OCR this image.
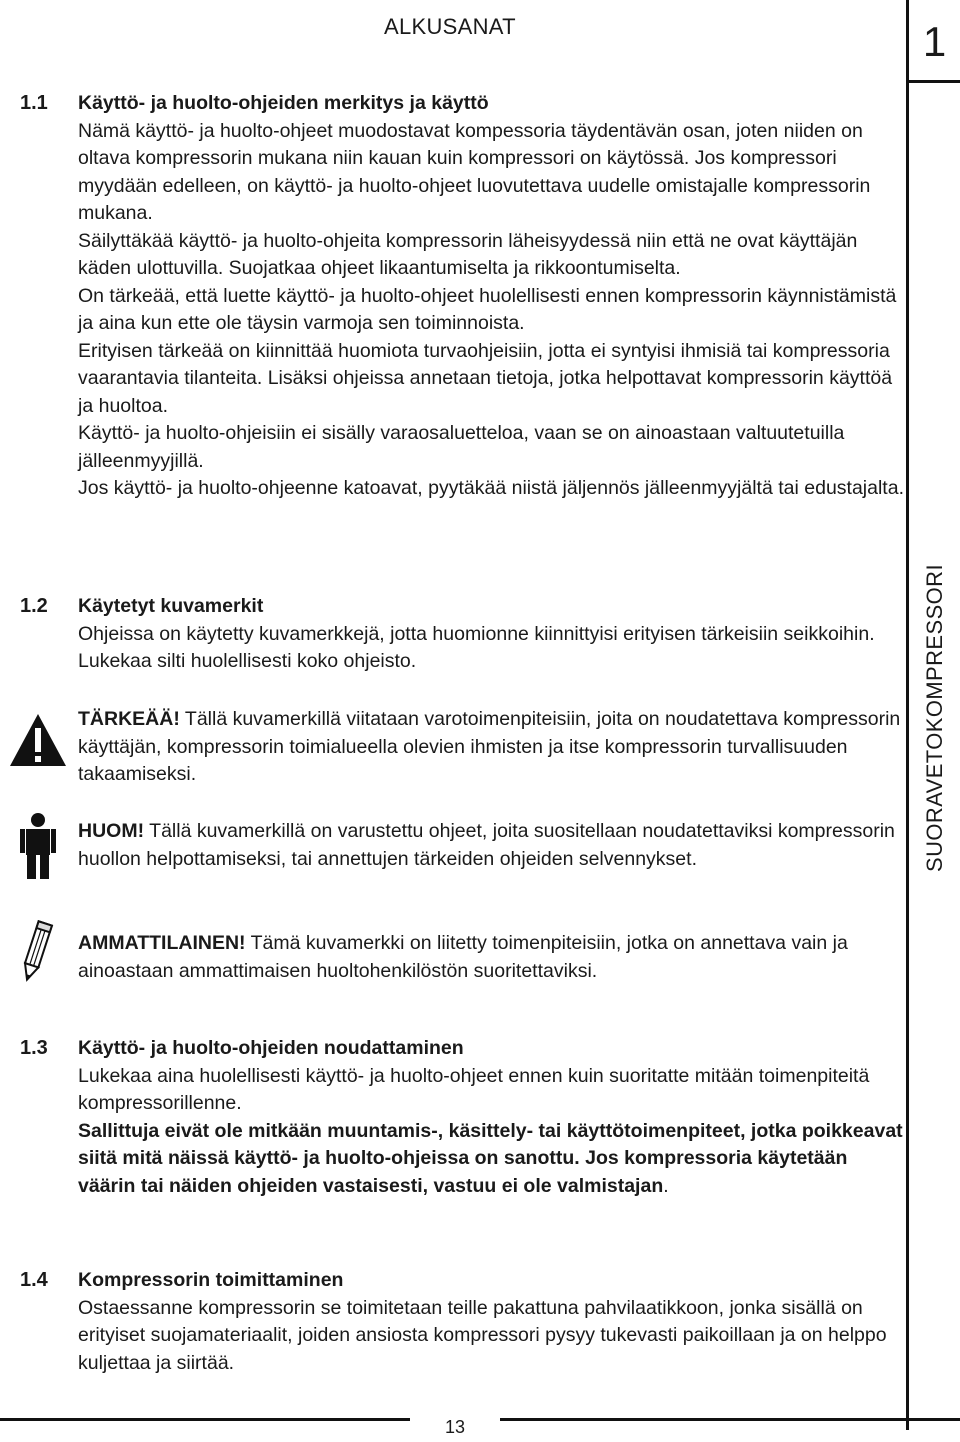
ALKUSANAT	1
SUORAVETOKOMPRESSORI
13
1.1 Käyttö- ja huolto-ohjeiden merkitys ja käyttö

Nämä käyttö- ja huolto-ohjeet muodostavat kompessoria täydentävän osan, joten niiden on oltava kompressorin mukana niin kauan kuin kompressori on käytössä. Jos kompressori myydään edelleen, on käyttö- ja huolto-ohjeet luovutettava uudelle omistajalle kompressorin mukana.

Säilyttäkää käyttö- ja huolto-ohjeita kompressorin läheisyydessä niin että ne ovat käyttäjän käden ulottuvilla. Suojatkaa ohjeet likaantumiselta ja rikkoontumiselta.

On tärkeää, että luette käyttö- ja huolto-ohjeet huolellisesti ennen kompressorin käynnistämistä ja aina kun ette ole täysin varmoja sen toiminnoista.

Erityisen tärkeää on kiinnittää huomiota turvaohjeisiin, jotta ei syntyisi ihmisiä tai kompressoria vaarantavia tilanteita. Lisäksi ohjeissa annetaan tietoja, jotka helpottavat kompressorin käyttöä ja huoltoa.

Käyttö- ja huolto-ohjeisiin ei sisälly varaosaluetteloa, vaan se on ainoastaan valtuutetuilla jälleenmyyjillä.

Jos käyttö- ja huolto-ohjeenne katoavat, pyytäkää niistä jäljennös jälleenmyyjältä tai edustajalta.

1.2 Käytetyt kuvamerkit

Ohjeissa on käytetty kuvamerkkejä, jotta huomionne kiinnittyisi erityisen tärkeisiin seikkoihin. Lukekaa silti huolellisesti koko ohjeisto.

TÄRKEÄÄ! Tällä kuvamerkillä viitataan varotoimenpiteisiin, joita on noudatettava kompressorin käyttäjän, kompressorin toimialueella olevien ihmisten ja itse kompressorin turvallisuuden takaamiseksi.
HUOM! Tällä kuvamerkillä on varustettu ohjeet, joita suositellaan noudatettaviksi kompressorin huollon helpottamiseksi, tai annettujen tärkeiden ohjeiden selvennykset.
AMMATTILAINEN! Tämä kuvamerkki on liitetty toimenpiteisiin, jotka on annettava vain ja ainoastaan ammattimaisen huoltohenkilöstön suoritettaviksi.
1.3 Käyttö- ja huolto-ohjeiden noudattaminen

Lukekaa aina huolellisesti käyttö- ja huolto-ohjeet ennen kuin suoritatte mitään toimenpiteitä kompressorillenne.

Sallittuja eivät ole mitkään muuntamis-, käsittely- tai käyttötoimenpiteet, jotka poikkeavat siitä mitä näissä käyttö- ja huolto-ohjeissa on sanottu. Jos kompressoria käytetään väärin tai näiden ohjeiden vastaisesti, vastuu ei ole valmistajan.

1.4 Kompressorin toimittaminen

Ostaessanne kompressorin se toimitetaan teille pakattuna pahvilaatikkoon, jonka sisällä on erityiset suojamateriaalit, joiden ansiosta kompressori pysyy tukevasti paikoillaan ja on helppo kuljettaa ja siirtää.
